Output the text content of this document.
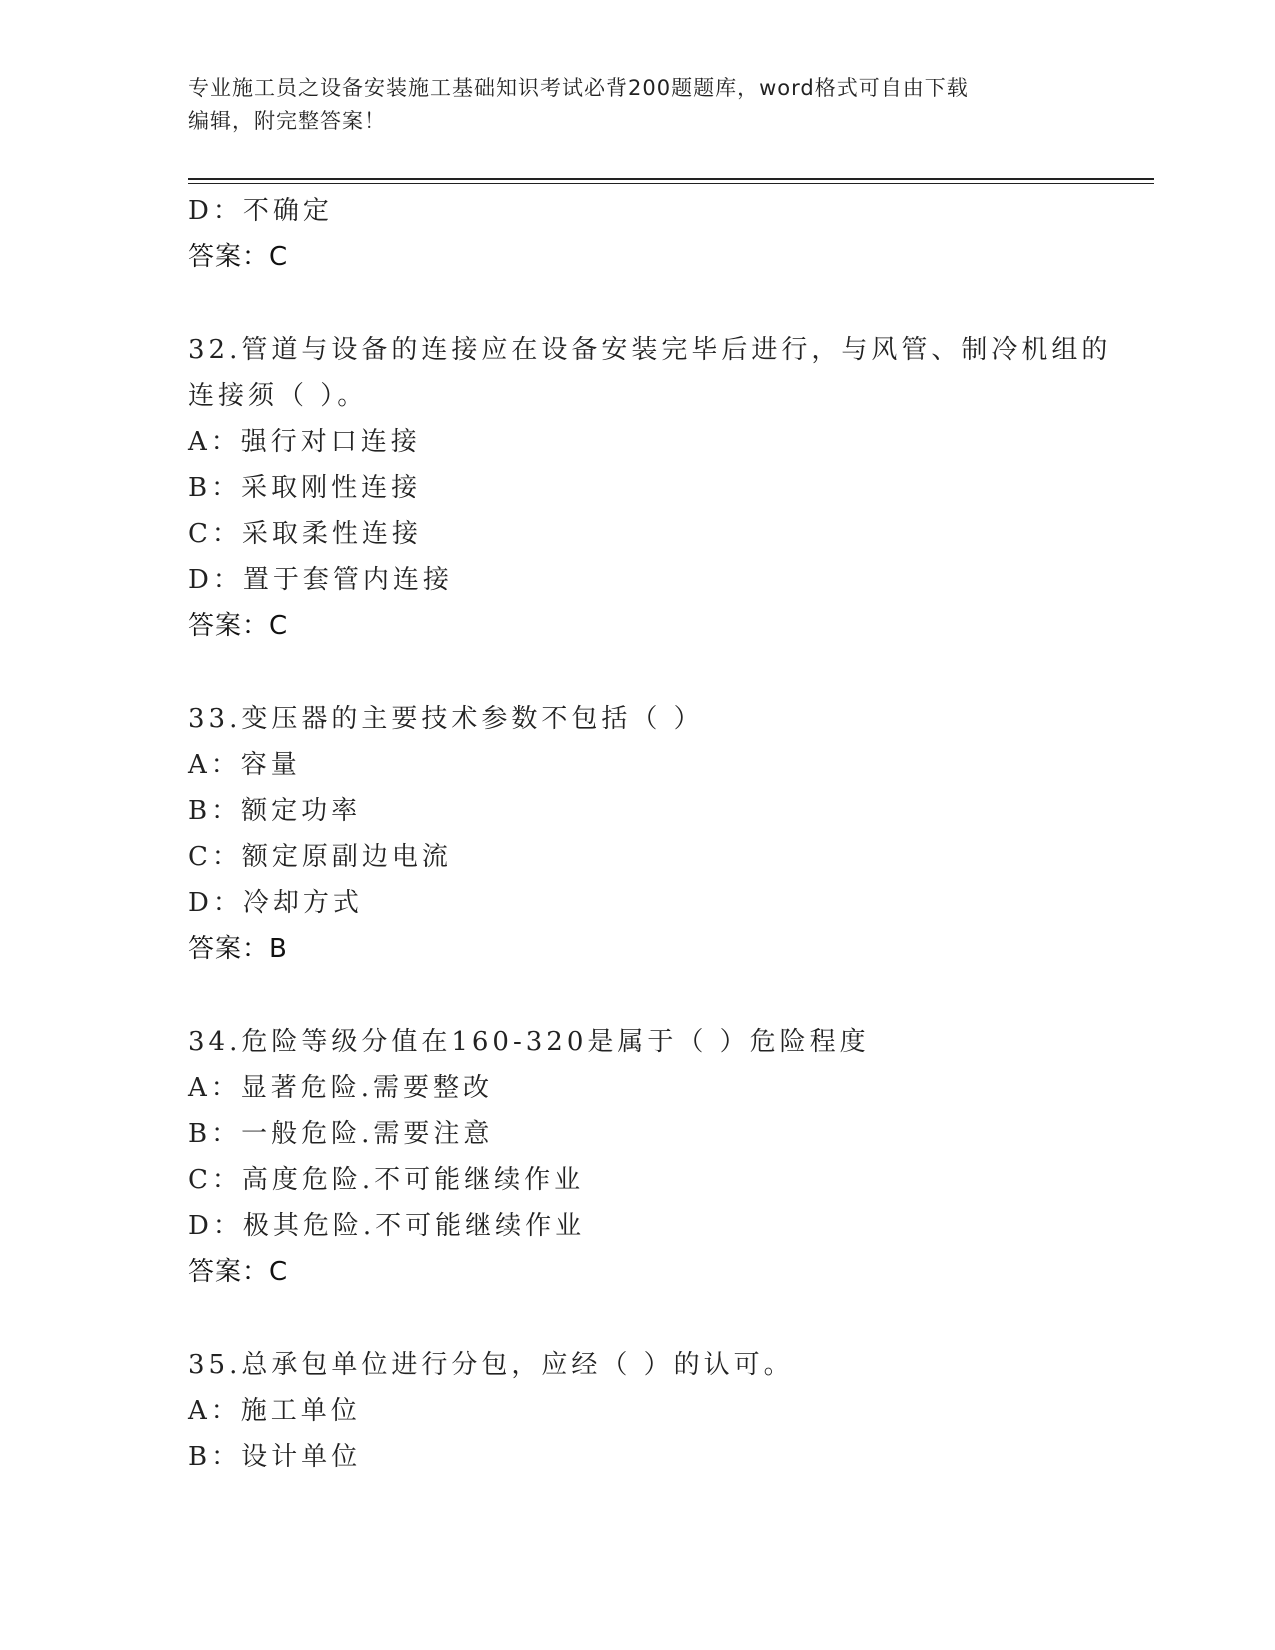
专业施工员之设备安装施工基础知识考试必背200题题库，word格式可自由下载
编辑，附完整答案！
D：不确定
答案：C
32.管道与设备的连接应在设备安装完毕后进行，与风管、制冷机组的
连接须（ ）。
A：强行对口连接
B：采取刚性连接
C：采取柔性连接
D：置于套管内连接
答案：C
33.变压器的主要技术参数不包括（ ）
A：容量
B：额定功率
C：额定原副边电流
D：冷却方式
答案：B
34.危险等级分值在160-320是属于（ ）危险程度
A：显著危险.需要整改
B：一般危险.需要注意
C：高度危险.不可能继续作业
D：极其危险.不可能继续作业
答案：C
35.总承包单位进行分包，应经（ ）的认可。
A：施工单位
B：设计单位
